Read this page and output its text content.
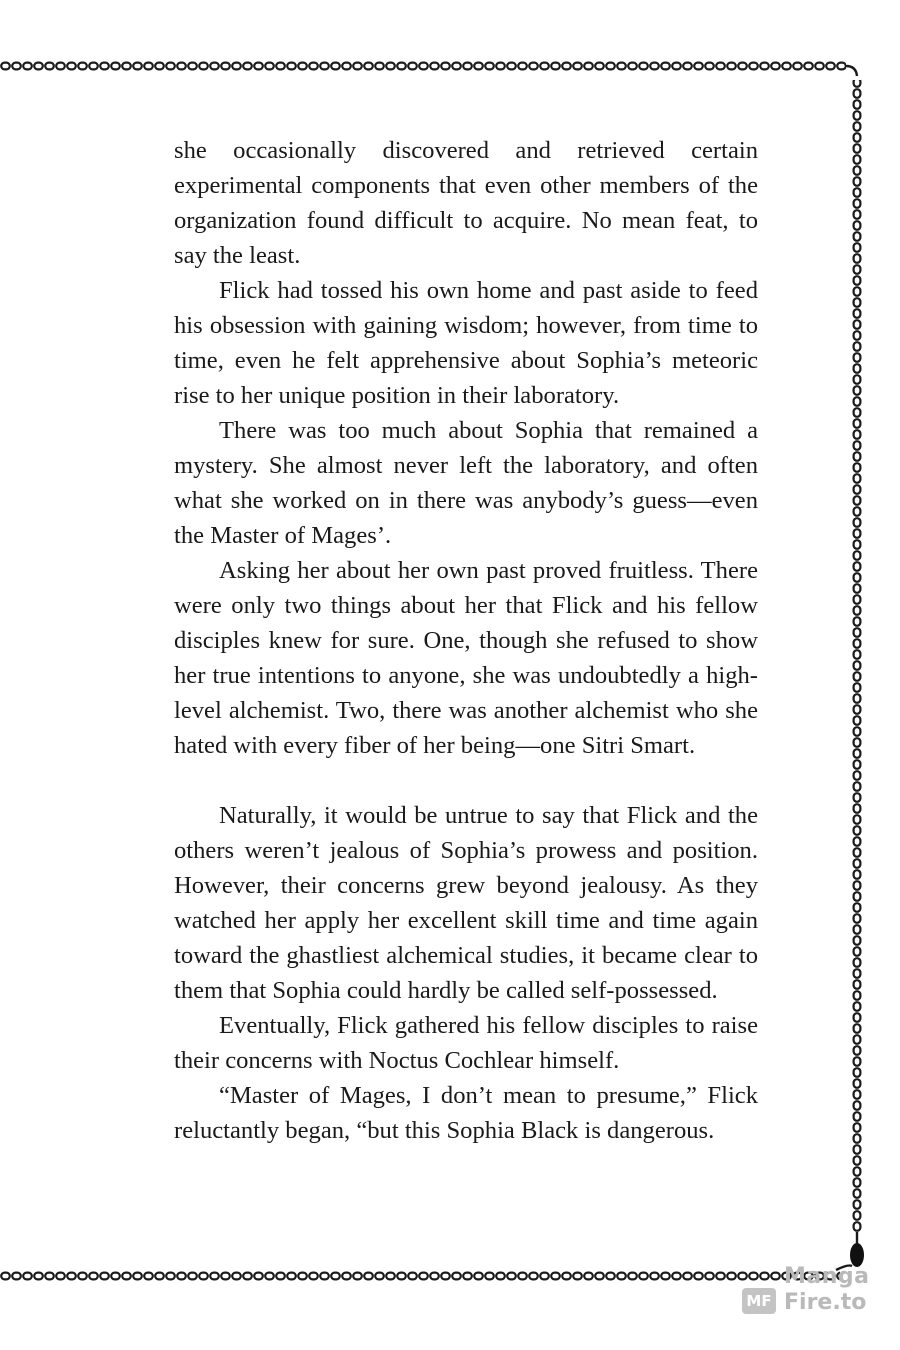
she occasionally discovered and retrieved certain experimental components that even other members of the organization found difficult to acquire. No mean feat, to say the least.

Flick had tossed his own home and past aside to feed his obsession with gaining wisdom; however, from time to time, even he felt apprehensive about Sophia’s meteoric rise to her unique position in their laboratory.

There was too much about Sophia that remained a mystery. She almost never left the laboratory, and often what she worked on in there was anybody’s guess—even the Master of Mages’.

Asking her about her own past proved fruitless. There were only two things about her that Flick and his fellow disciples knew for sure. One, though she refused to show her true intentions to anyone, she was undoubtedly a high-level alchemist. Two, there was another alchemist who she hated with every fiber of her being—one Sitri Smart.

Naturally, it would be untrue to say that Flick and the others weren’t jealous of Sophia’s prowess and position. However, their concerns grew beyond jealousy. As they watched her apply her excellent skill time and time again toward the ghastliest alchemical studies, it became clear to them that Sophia could hardly be called self-possessed.

Eventually, Flick gathered his fellow disciples to raise their concerns with Noctus Cochlear himself.

“Master of Mages, I don’t mean to presume,” Flick reluctantly began, “but this Sophia Black is dangerous.

MF
Manga
Fire.to
